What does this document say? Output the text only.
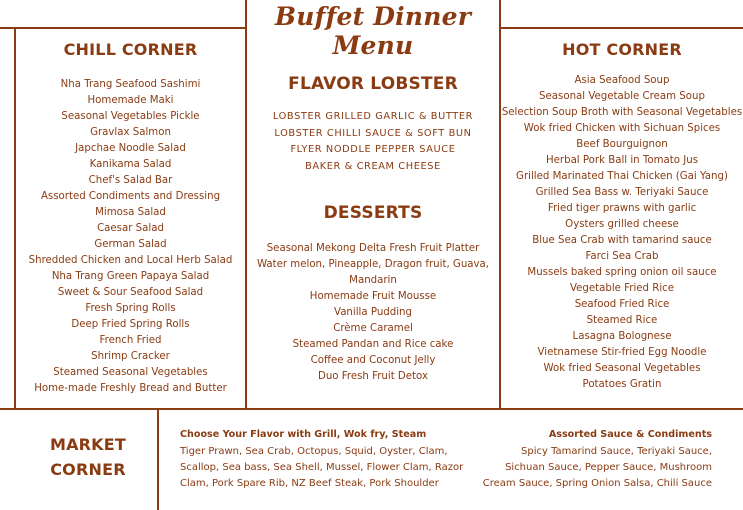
Buffet Dinner Menu
CHILL CORNER
Nha Trang Seafood Sashimi
Homemade Maki
Seasonal Vegetables Pickle
Gravlax Salmon
Japchae Noodle Salad
Kanikama Salad
Chef's Salad Bar
Assorted Condiments and Dressing
Mimosa Salad
Caesar Salad
German Salad
Shredded Chicken and Local Herb Salad
Nha Trang Green Papaya Salad
Sweet & Sour Seafood Salad
Fresh Spring Rolls
Deep Fried Spring Rolls
French Fried
Shrimp Cracker
Steamed Seasonal Vegetables
Home-made Freshly Bread and Butter
FLAVOR LOBSTER
LOBSTER GRILLED GARLIC & BUTTER
LOBSTER CHILLI SAUCE & SOFT BUN
FLYER NODDLE PEPPER SAUCE
BAKER & CREAM CHEESE
DESSERTS
Seasonal Mekong Delta Fresh Fruit Platter
Water melon, Pineapple, Dragon fruit, Guava,
Mandarin
Homemade Fruit Mousse
Vanilla Pudding
Crème Caramel
Steamed Pandan and Rice cake
Coffee and Coconut Jelly
Duo Fresh Fruit Detox
HOT CORNER
Asia Seafood Soup
Seasonal Vegetable Cream Soup
Selection Soup Broth with Seasonal Vegetables
Wok fried Chicken with Sichuan Spices
Beef Bourguignon
Herbal Pork Ball in Tomato Jus
Grilled Marinated Thai Chicken (Gai Yang)
Grilled Sea Bass w. Teriyaki Sauce
Fried tiger prawns with garlic
Oysters grilled cheese
Blue Sea Crab with tamarind sauce
Farci Sea Crab
Mussels baked spring onion oil sauce
Vegetable Fried Rice
Seafood Fried Rice
Steamed Rice
Lasagna Bolognese
Vietnamese Stir-fried Egg Noodle
Wok fried Seasonal Vegetables
Potatoes Gratin
MARKET
CORNER
Choose Your Flavor with Grill, Wok fry, Steam
Tiger Prawn, Sea Crab, Octopus, Squid, Oyster, Clam,
Scallop, Sea bass, Sea Shell, Mussel, Flower Clam, Razor
Clam, Pork Spare Rib, NZ Beef Steak, Pork Shoulder
Assorted Sauce & Condiments
Spicy Tamarind Sauce, Teriyaki Sauce,
Sichuan Sauce, Pepper Sauce, Mushroom
Cream Sauce, Spring Onion Salsa, Chili Sauce
